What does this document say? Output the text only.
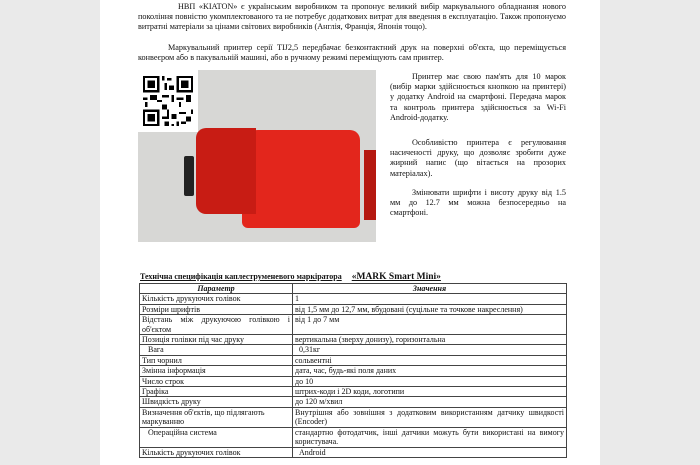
НВП «KIATON» є українським виробником та пропонує великий вибір маркувального обладнання нового покоління повністю укомплектованого та не потребує додаткових витрат для введення в експлуатацію. Також пропонуємо витратні матеріали за цінами світових виробників (Англія, Франція, Японія тощо).

Маркувальний принтер серії TIJ2,5 передбачає безконтактний друк на поверхні об'єкта, що переміщується конвеєром або в пакувальній машині, або в ручному режимі переміщують сам принтер.

Принтер має свою пам'ять для 10 марок (вибір марки здійснюється кнопкою на принтері) у додатку Android на смартфоні. Передача марок та контроль принтера здійснюється за Wi-Fi Android-додатку.

Особливістю принтера є регулювання насиченості друку, що дозволяє зробити дуже жирний напис (що вітається на прозорих матеріалах).

Змінювати шрифти і висоту друку від 1.5 мм до 12.7 мм можна безпосередньо на смартфоні.

Технічна специфікація каплеструменевого маркіратора «MARK Smart Mini»
Параметр	Значення
Кількість друкуючих голівок	1
Розміри шрифтів	від 1,5 мм до 12,7 мм, вбудовані (суцільне та точкове накреслення)
Відстань між друкуючою голівкою і об'єктом	від 1 до 7 мм
Позиція голівки під час друку	вертикальна (зверху донизу), горизонтальна
Вага	0,31кг
Тип чорнил	сольвентні
Змінна інформація	дата, час, будь-які поля даних
Число строк	до 10
Графіка	штрих-коди і 2D коди, логотипи
Швидкість друку	до 120 м/хвил
Визначення об'єктів, що підлягають маркуванню	Внутрішня або зовнішня з додатковим використанням датчику швидкості (Encoder)
Операційна система	стандартно фотодатчик, інші датчики можуть бути використані на вимогу користувача.
Кількість друкуючих голівок	Android
